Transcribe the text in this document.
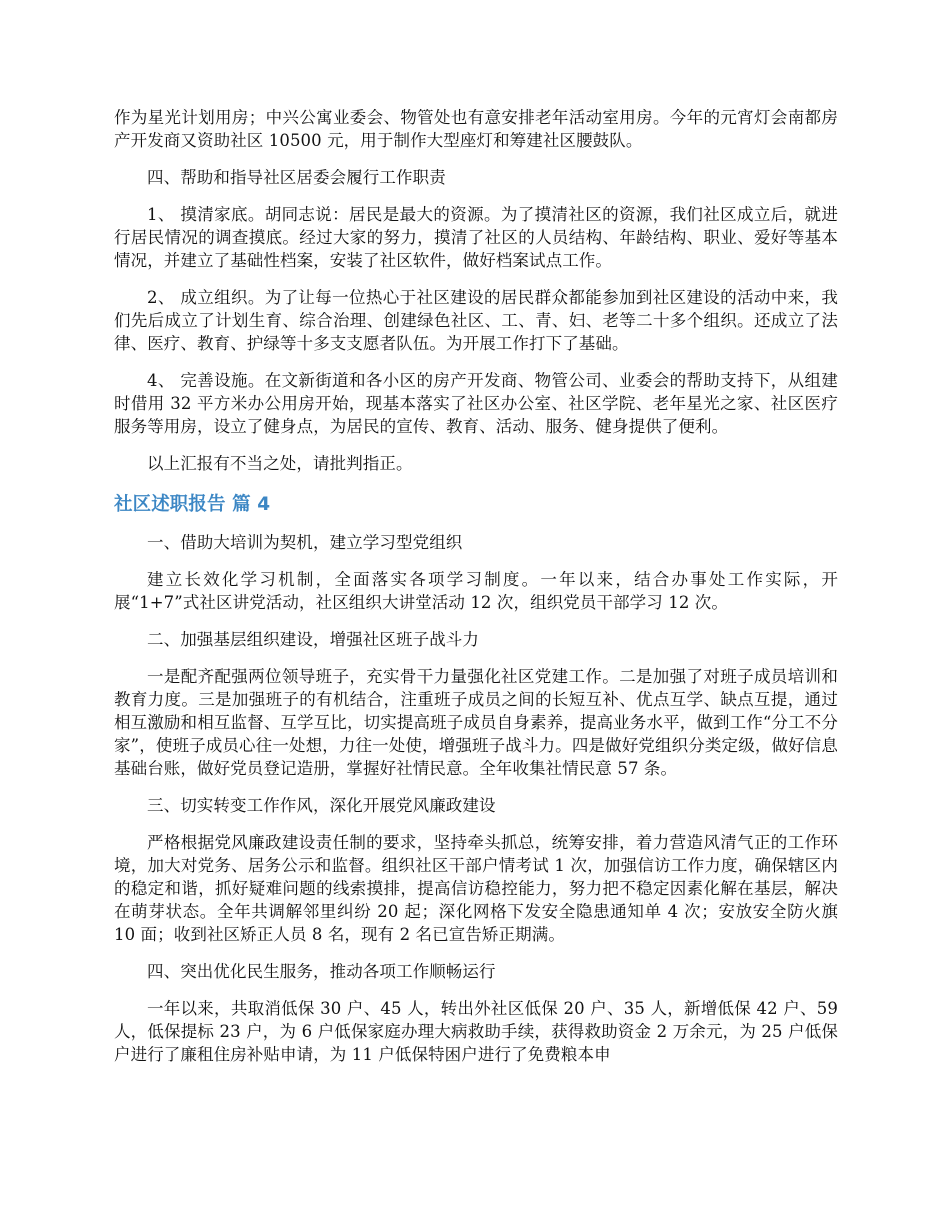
作为星光计划用房；中兴公寓业委会、物管处也有意安排老年活动室用房。今年的元宵灯会南都房产开发商又资助社区 10500 元，用于制作大型座灯和筹建社区腰鼓队。

四、帮助和指导社区居委会履行工作职责

1、 摸清家底。胡同志说：居民是最大的资源。为了摸清社区的资源，我们社区成立后，就进行居民情况的调查摸底。经过大家的努力，摸清了社区的人员结构、年龄结构、职业、爱好等基本情况，并建立了基础性档案，安装了社区软件，做好档案试点工作。

2、 成立组织。为了让每一位热心于社区建设的居民群众都能参加到社区建设的活动中来，我们先后成立了计划生育、综合治理、创建绿色社区、工、青、妇、老等二十多个组织。还成立了法律、医疗、教育、护绿等十多支支愿者队伍。为开展工作打下了基础。

4、 完善设施。在文新街道和各小区的房产开发商、物管公司、业委会的帮助支持下，从组建时借用 32 平方米办公用房开始，现基本落实了社区办公室、社区学院、老年星光之家、社区医疗服务等用房，设立了健身点，为居民的宣传、教育、活动、服务、健身提供了便利。

以上汇报有不当之处，请批判指正。

社区述职报告 篇 4

一、借助大培训为契机，建立学习型党组织

建立长效化学习机制，全面落实各项学习制度。一年以来，结合办事处工作实际，开展“1+7”式社区讲党活动，社区组织大讲堂活动 12 次，组织党员干部学习 12 次。

二、加强基层组织建设，增强社区班子战斗力

一是配齐配强两位领导班子，充实骨干力量强化社区党建工作。二是加强了对班子成员培训和教育力度。三是加强班子的有机结合，注重班子成员之间的长短互补、优点互学、缺点互提，通过相互激励和相互监督、互学互比，切实提高班子成员自身素养，提高业务水平，做到工作“分工不分家”，使班子成员心往一处想，力往一处使，增强班子战斗力。四是做好党组织分类定级，做好信息基础台账，做好党员登记造册，掌握好社情民意。全年收集社情民意 57 条。

三、切实转变工作作风，深化开展党风廉政建设

严格根据党风廉政建设责任制的要求，坚持牵头抓总，统筹安排，着力营造风清气正的工作环境，加大对党务、居务公示和监督。组织社区干部户情考试 1 次，加强信访工作力度，确保辖区内的稳定和谐，抓好疑难问题的线索摸排，提高信访稳控能力，努力把不稳定因素化解在基层，解决在萌芽状态。全年共调解邻里纠纷 20 起；深化网格下发安全隐患通知单 4 次；安放安全防火旗 10 面；收到社区矫正人员 8 名，现有 2 名已宣告矫正期满。

四、突出优化民生服务，推动各项工作顺畅运行

一年以来，共取消低保 30 户、45 人，转出外社区低保 20 户、35 人，新增低保 42 户、59 人，低保提标 23 户，为 6 户低保家庭办理大病救助手续，获得救助资金 2 万余元，为 25 户低保户进行了廉租住房补贴申请，为 11 户低保特困户进行了免费粮本申
